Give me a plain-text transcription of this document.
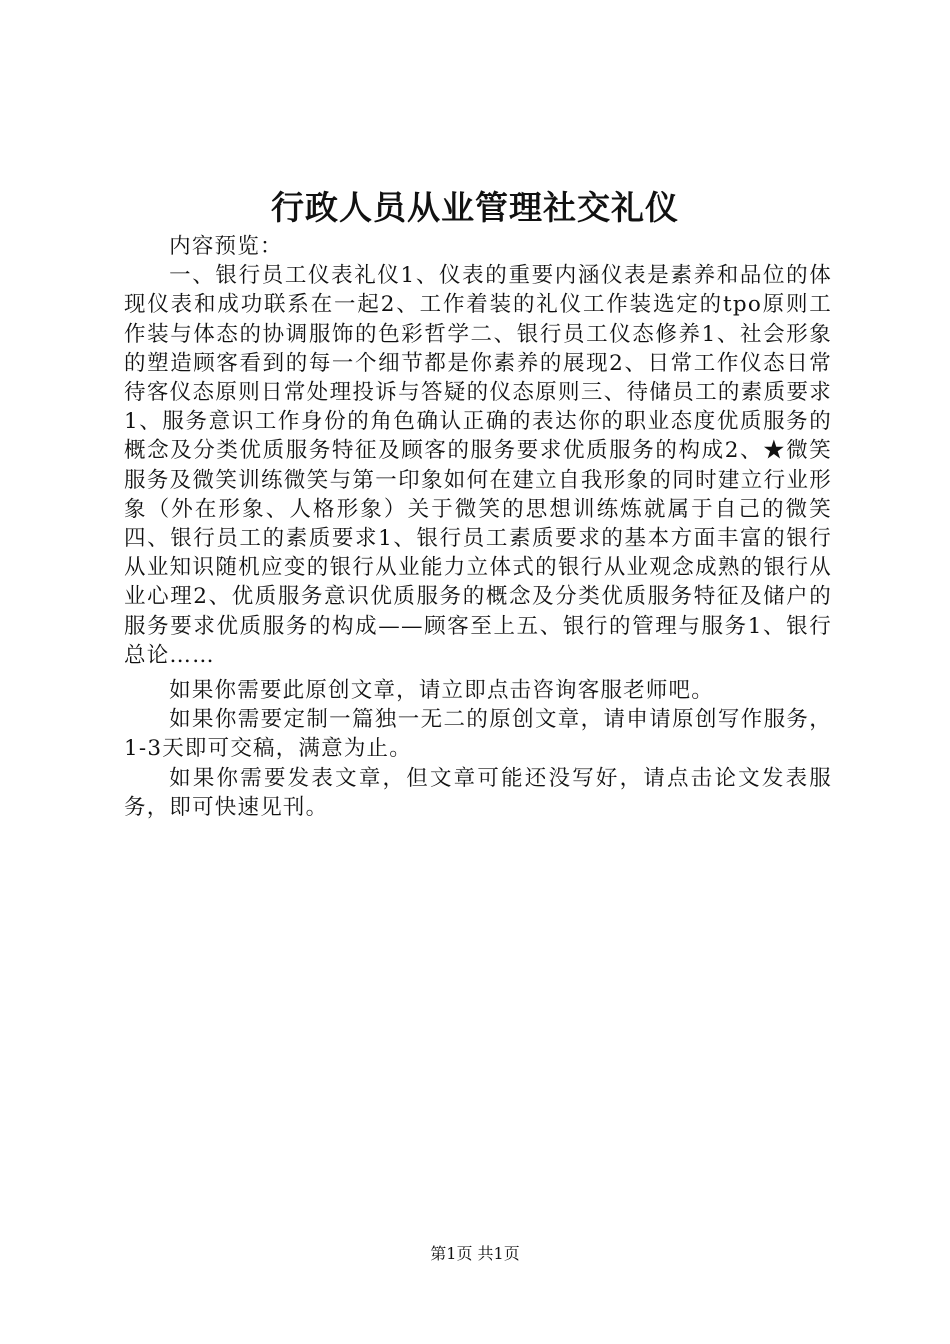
行政人员从业管理社交礼仪

内容预览：

一、银行员工仪表礼仪1、仪表的重要内涵仪表是素养和品位的体现仪表和成功联系在一起2、工作着装的礼仪工作装选定的tpo原则工作装与体态的协调服饰的色彩哲学二、银行员工仪态修养1、社会形象的塑造顾客看到的每一个细节都是你素养的展现2、日常工作仪态日常待客仪态原则日常处理投诉与答疑的仪态原则三、待储员工的素质要求1、服务意识工作身份的角色确认正确的表达你的职业态度优质服务的概念及分类优质服务特征及顾客的服务要求优质服务的构成2、★微笑服务及微笑训练微笑与第一印象如何在建立自我形象的同时建立行业形象（外在形象、人格形象）关于微笑的思想训练炼就属于自己的微笑四、银行员工的素质要求1、银行员工素质要求的基本方面丰富的银行从业知识随机应变的银行从业能力立体式的银行从业观念成熟的银行从业心理2、优质服务意识优质服务的概念及分类优质服务特征及储户的服务要求优质服务的构成——顾客至上五、银行的管理与服务1、银行总论……

如果你需要此原创文章，请立即点击咨询客服老师吧。

如果你需要定制一篇独一无二的原创文章，请申请原创写作服务，1-3天即可交稿，满意为止。

如果你需要发表文章，但文章可能还没写好，请点击论文发表服务，即可快速见刊。

第1页 共1页
